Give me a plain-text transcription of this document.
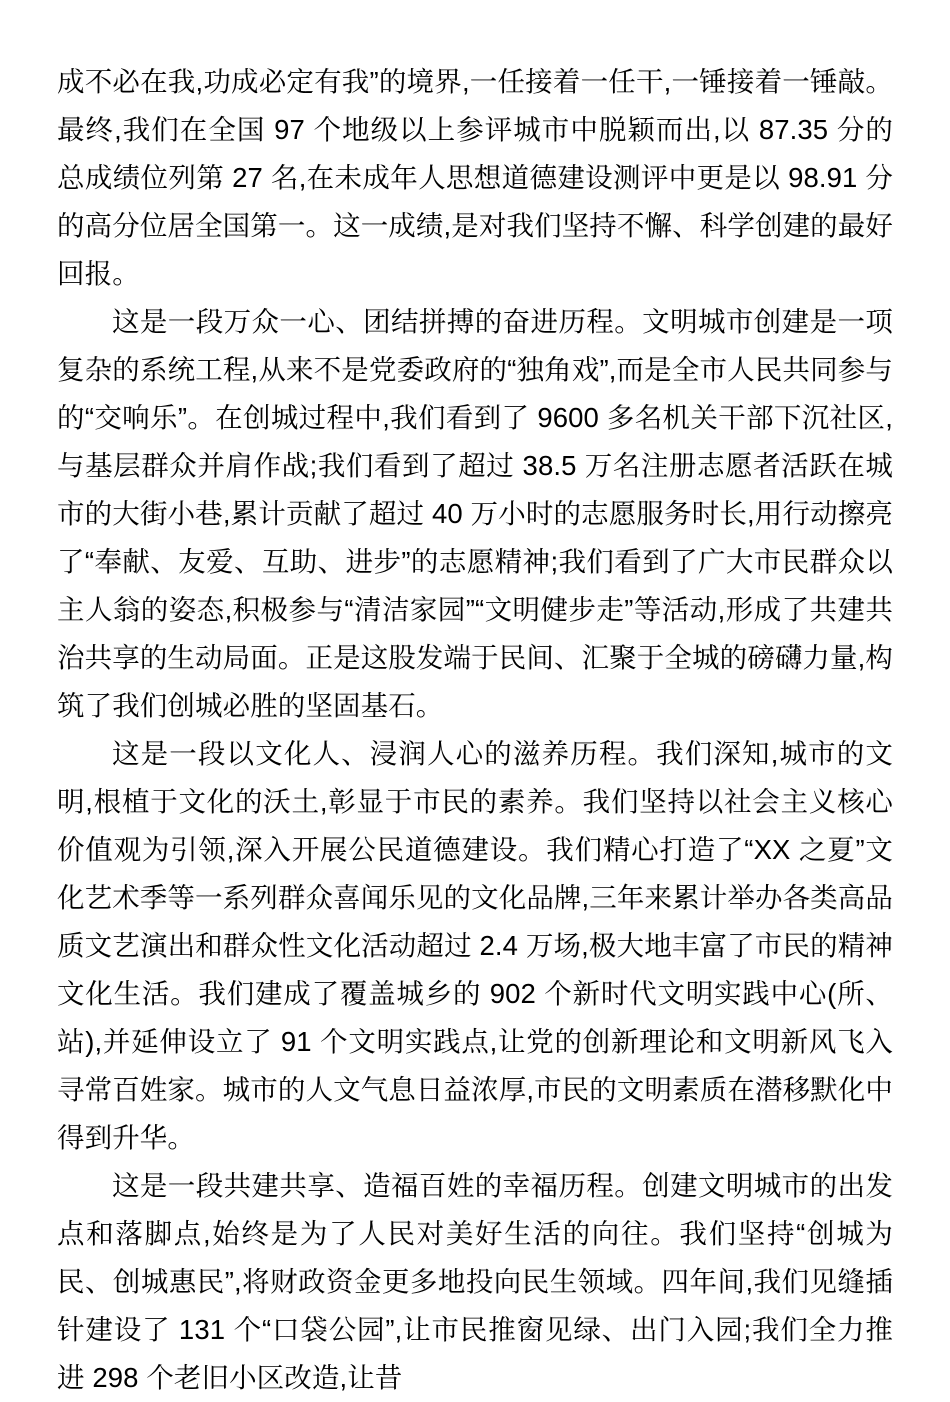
成不必在我,功成必定有我”的境界,一任接着一任干,一锤接着一锤敲。最终,我们在全国 97 个地级以上参评城市中脱颖而出,以 87.35 分的总成绩位列第 27 名,在未成年人思想道德建设测评中更是以 98.91 分的高分位居全国第一。这一成绩,是对我们坚持不懈、科学创建的最好回报。

这是一段万众一心、团结拼搏的奋进历程。文明城市创建是一项复杂的系统工程,从来不是党委政府的“独角戏”,而是全市人民共同参与的“交响乐”。在创城过程中,我们看到了 9600 多名机关干部下沉社区,与基层群众并肩作战;我们看到了超过 38.5 万名注册志愿者活跃在城市的大街小巷,累计贡献了超过 40 万小时的志愿服务时长,用行动擦亮了“奉献、友爱、互助、进步”的志愿精神;我们看到了广大市民群众以主人翁的姿态,积极参与“清洁家园”“文明健步走”等活动,形成了共建共治共享的生动局面。正是这股发端于民间、汇聚于全城的磅礴力量,构筑了我们创城必胜的坚固基石。

这是一段以文化人、浸润人心的滋养历程。我们深知,城市的文明,根植于文化的沃土,彰显于市民的素养。我们坚持以社会主义核心价值观为引领,深入开展公民道德建设。我们精心打造了“XX 之夏”文化艺术季等一系列群众喜闻乐见的文化品牌,三年来累计举办各类高品质文艺演出和群众性文化活动超过 2.4 万场,极大地丰富了市民的精神文化生活。我们建成了覆盖城乡的 902 个新时代文明实践中心(所、站),并延伸设立了 91 个文明实践点,让党的创新理论和文明新风飞入寻常百姓家。城市的人文气息日益浓厚,市民的文明素质在潜移默化中得到升华。

这是一段共建共享、造福百姓的幸福历程。创建文明城市的出发点和落脚点,始终是为了人民对美好生活的向往。我们坚持“创城为民、创城惠民”,将财政资金更多地投向民生领域。四年间,我们见缝插针建设了 131 个“口袋公园”,让市民推窗见绿、出门入园;我们全力推进 298 个老旧小区改造,让昔
